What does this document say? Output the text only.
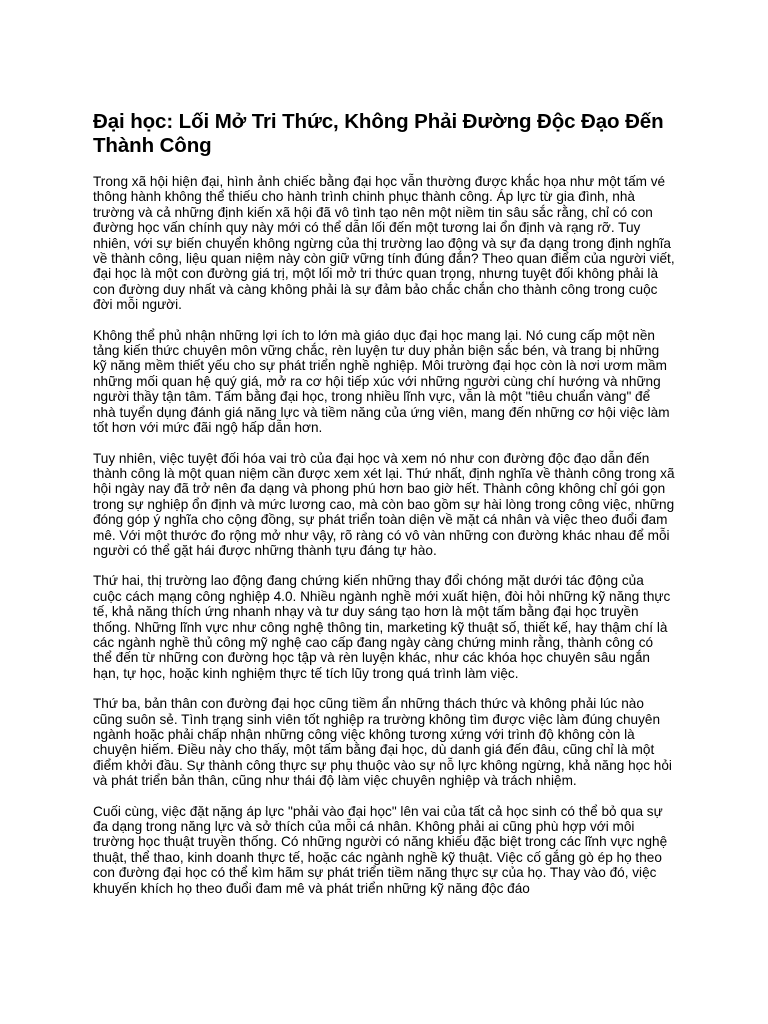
Đại học: Lối Mở Tri Thức, Không Phải Đường Độc Đạo Đến Thành Công

Trong xã hội hiện đại, hình ảnh chiếc bằng đại học vẫn thường được khắc họa như một tấm vé thông hành không thể thiếu cho hành trình chinh phục thành công. Áp lực từ gia đình, nhà trường và cả những định kiến xã hội đã vô tình tạo nên một niềm tin sâu sắc rằng, chỉ có con đường học vấn chính quy này mới có thể dẫn lối đến một tương lai ổn định và rạng rỡ. Tuy nhiên, với sự biến chuyển không ngừng của thị trường lao động và sự đa dạng trong định nghĩa về thành công, liệu quan niệm này còn giữ vững tính đúng đắn? Theo quan điểm của người viết, đại học là một con đường giá trị, một lối mở tri thức quan trọng, nhưng tuyệt đối không phải là con đường duy nhất và càng không phải là sự đảm bảo chắc chắn cho thành công trong cuộc đời mỗi người.

Không thể phủ nhận những lợi ích to lớn mà giáo dục đại học mang lại. Nó cung cấp một nền tảng kiến thức chuyên môn vững chắc, rèn luyện tư duy phản biện sắc bén, và trang bị những kỹ năng mềm thiết yếu cho sự phát triển nghề nghiệp. Môi trường đại học còn là nơi ươm mầm những mối quan hệ quý giá, mở ra cơ hội tiếp xúc với những người cùng chí hướng và những người thầy tận tâm. Tấm bằng đại học, trong nhiều lĩnh vực, vẫn là một "tiêu chuẩn vàng" để nhà tuyển dụng đánh giá năng lực và tiềm năng của ứng viên, mang đến những cơ hội việc làm tốt hơn với mức đãi ngộ hấp dẫn hơn.

Tuy nhiên, việc tuyệt đối hóa vai trò của đại học và xem nó như con đường độc đạo dẫn đến thành công là một quan niệm cần được xem xét lại. Thứ nhất, định nghĩa về thành công trong xã hội ngày nay đã trở nên đa dạng và phong phú hơn bao giờ hết. Thành công không chỉ gói gọn trong sự nghiệp ổn định và mức lương cao, mà còn bao gồm sự hài lòng trong công việc, những đóng góp ý nghĩa cho cộng đồng, sự phát triển toàn diện về mặt cá nhân và việc theo đuổi đam mê. Với một thước đo rộng mở như vậy, rõ ràng có vô vàn những con đường khác nhau để mỗi người có thể gặt hái được những thành tựu đáng tự hào.

Thứ hai, thị trường lao động đang chứng kiến những thay đổi chóng mặt dưới tác động của cuộc cách mạng công nghiệp 4.0. Nhiều ngành nghề mới xuất hiện, đòi hỏi những kỹ năng thực tế, khả năng thích ứng nhanh nhạy và tư duy sáng tạo hơn là một tấm bằng đại học truyền thống. Những lĩnh vực như công nghệ thông tin, marketing kỹ thuật số, thiết kế, hay thậm chí là các ngành nghề thủ công mỹ nghệ cao cấp đang ngày càng chứng minh rằng, thành công có thể đến từ những con đường học tập và rèn luyện khác, như các khóa học chuyên sâu ngắn hạn, tự học, hoặc kinh nghiệm thực tế tích lũy trong quá trình làm việc.

Thứ ba, bản thân con đường đại học cũng tiềm ẩn những thách thức và không phải lúc nào cũng suôn sẻ. Tình trạng sinh viên tốt nghiệp ra trường không tìm được việc làm đúng chuyên ngành hoặc phải chấp nhận những công việc không tương xứng với trình độ không còn là chuyện hiếm. Điều này cho thấy, một tấm bằng đại học, dù danh giá đến đâu, cũng chỉ là một điểm khởi đầu. Sự thành công thực sự phụ thuộc vào sự nỗ lực không ngừng, khả năng học hỏi và phát triển bản thân, cũng như thái độ làm việc chuyên nghiệp và trách nhiệm.

Cuối cùng, việc đặt nặng áp lực "phải vào đại học" lên vai của tất cả học sinh có thể bỏ qua sự đa dạng trong năng lực và sở thích của mỗi cá nhân. Không phải ai cũng phù hợp với môi trường học thuật truyền thống. Có những người có năng khiếu đặc biệt trong các lĩnh vực nghệ thuật, thể thao, kinh doanh thực tế, hoặc các ngành nghề kỹ thuật. Việc cố gắng gò ép họ theo con đường đại học có thể kìm hãm sự phát triển tiềm năng thực sự của họ. Thay vào đó, việc khuyến khích họ theo đuổi đam mê và phát triển những kỹ năng độc đáo
